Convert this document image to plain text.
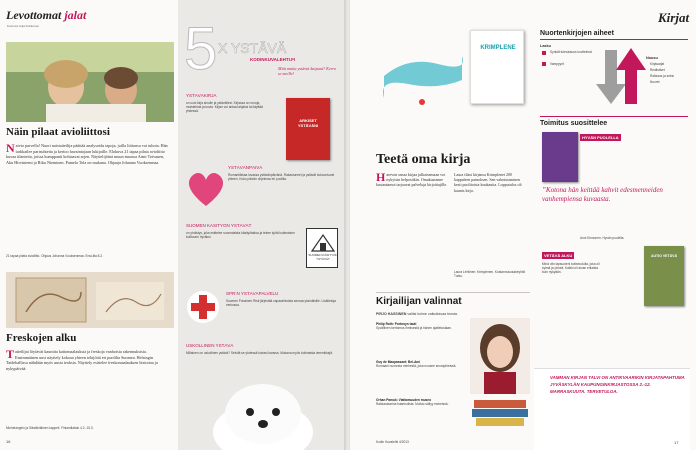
Levottomat jalat
Koonnut Anja Kokkonen
Näin pilaat avioliittosi
Naivio parvella! Nuori naistaiteilija päättää analysoida tapoja, joilla liittonsa voi tuhota. Hän tarkkailee parisuhteita ja kertoo havaintojaan lukijoille. Elokuva 21 tapaa pilata avioliitto kuvaa tilanteita, joissa kumppanit kohtaavat arjen. Näyttelijöinä muun muassa Armi Toivanen, Aku Hirviniemi ja Riku Nieminen. Pamela Tola on mukana. Ohjaaja Johanna Vuoksenmaa.
21 tapaa pilata avioliitto. Ohjaus Johanna Vuoksenmaa. Ensi-ilta 8.2.
Freskojen alku
Taiteilijat löytävät kauniita kattomaalauksia ja freskoja vanhoista rakennuksista. Ensimmäinen uusi näyttely kokoaa yhteen tekijöitä eri puolilta Suomea. Helsingin Taidehallissa nähdään myös uusia teoksia. Näyttely esittelee freskomaalauksen historiaa ja nykypäivää.
Michelangelo ja Sikstiiniläinen kappeli. Finlandiatalo 4.2.-15.3.
16
5 X YSTÄVÄ
KODINKUVALEHTI.FI
Mitä muita ystäviä kaipaat? Kerro se meille!
YSTÄVÄKIRJA
on uusi kirja sinulle ja ystävällesi. Kirjassa on runoja, muistelmia ja kuvia. Kirjan voi antaa lahjaksi tai täyttää yhdessä.
ARKISET YSTÄVÄNI
YSTÄVÄNPÄIVÄ
Romantiikkaa luvassa ystävänpäivänä. Rakastuneet ja ystävät kokoontuvat yhteen. Koko päivän ohjelmaa eri puolilla.
SUOMEN KÄSITYÖN YSTÄVÄT
on yhdistys, joka esittelee suomalaista käsityötaitoa ja tekee työtä kotimaisen kulttuurin hyväksi.
SUOMEN KÄSITYÖN YSTÄVÄT
SPR:N YSTÄVÄPALVELU
Suomen Punainen Risti järjestää vapaaehtoista seuraa yksinäisille. Lisätietoja verkossa.
USKOLLINEN YSTÄVÄ
Millainen on uskollinen ystävä? Selvitä se yhdessä koirasi kanssa. Mukana myös kotimaisia lemmikkejä.
Kirjat
KRIMPLENE
Teetä oma kirja
Harevon omaa kirjaa julkaisemaan voi nykyisin helpostikin. Omakustanne kustantamot tarjoavat palveluja kirjoittajille.
Laura tilasi kirjansa Krimplenet 200 kappaleen painoksen. Sen valmistaminen kesti puolitoista kuukautta. Lopputulos oli kaunis kirja.
Laura Lehtinen: Krimplenen. Kustannusosakeyhtiö Turku.
Kirjailijan valinnat
PIRJO HASSINEN valitsi kolme vaikuttavaa teosta.
Philip Roth: Portnoyn tauti
Syvällinen kertomus ihmisestä ja hänen ajattelustaan.
Guy de Maupassant: Bel-Ami
Romaani nuoresta miehestä, joka nousee seurapiireissä.
Orhan Pamuk: Viattomuuden museo
Rakkaustarina Istanbulista. Muisto säilyy esineissä.
Kodin Kuvalehti 4/2013
Nuortenkirjojen aiheet
Lasku
Synkät tulevaisuus kuvitelmat
Vampyyrit
Nousu
Kirjasarjat
Realistiset
Rakkaus ja seksi
Nuoret
Toimitus suosittelee
HYVÄN PUOLELLA
”Kotona hän keittää kahvit edesmenneiden vanhempiensa kuvaasta.
Anni Kinnunen. Hyvän puolella.
VETÄVÄ ALKU
Minä olin lapsuuteni kotiseudulla, joka oli kylmä ja pimeä. Kaikki oli aivan erilaista kuin nykyään.
AUTIO VETÄVÄ
VAMMAN KIRJAN TALVI ON ANTIKVAARIKIN KIRJATAPAHTUMA JYVÄSKYLÄN KAUPUNGINKIRJASTOSSA 2.-12. MARRASKUUTA. TERVETULOA.
17
